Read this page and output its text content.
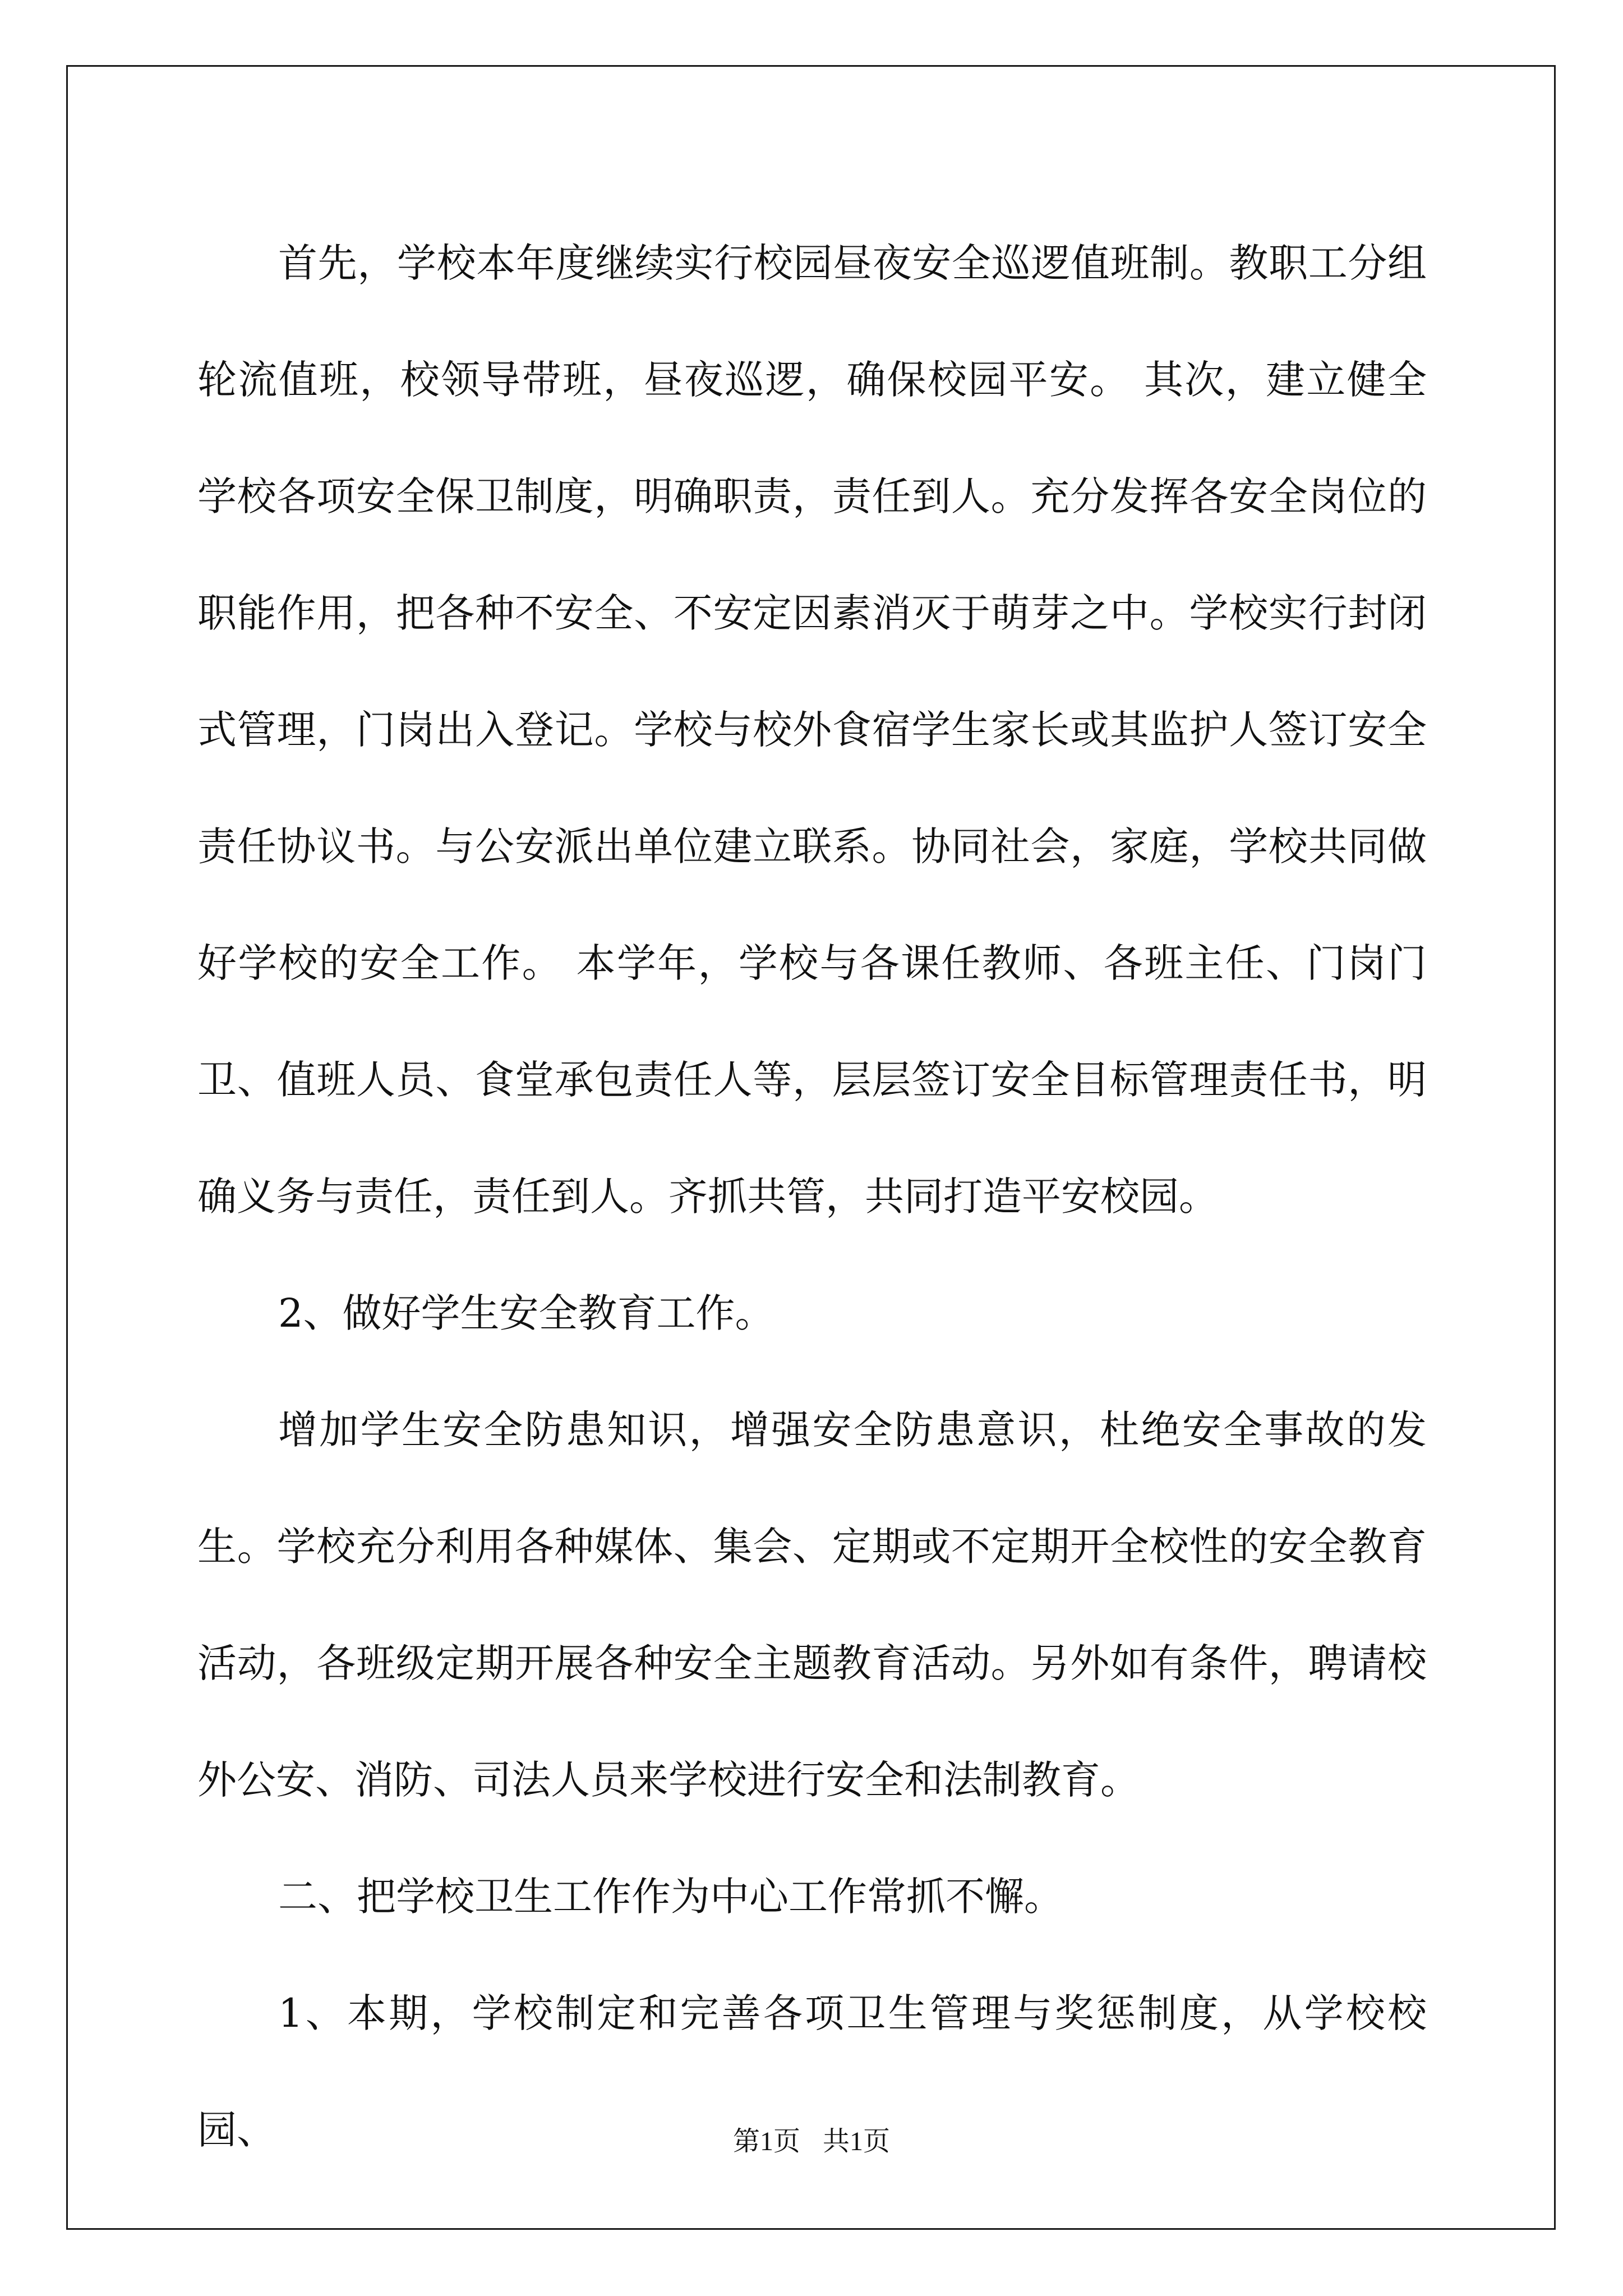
首先，学校本年度继续实行校园昼夜安全巡逻值班制。教职工分组轮流值班，校领导带班，昼夜巡逻，确保校园平安。 其次，建立健全学校各项安全保卫制度，明确职责，责任到人。充分发挥各安全岗位的职能作用，把各种不安全、不安定因素消灭于萌芽之中。学校实行封闭式管理，门岗出入登记。学校与校外食宿学生家长或其监护人签订安全责任协议书。与公安派出单位建立联系。协同社会，家庭，学校共同做好学校的安全工作。 本学年，学校与各课任教师、各班主任、门岗门卫、值班人员、食堂承包责任人等，层层签订安全目标管理责任书，明确义务与责任，责任到人。齐抓共管，共同打造平安校园。

2、做好学生安全教育工作。

增加学生安全防患知识，增强安全防患意识，杜绝安全事故的发生。学校充分利用各种媒体、集会、定期或不定期开全校性的安全教育活动，各班级定期开展各种安全主题教育活动。另外如有条件，聘请校外公安、消防、司法人员来学校进行安全和法制教育。

二、把学校卫生工作作为中心工作常抓不懈。

1、本期，学校制定和完善各项卫生管理与奖惩制度，从学校校园、	第1页 共1页
